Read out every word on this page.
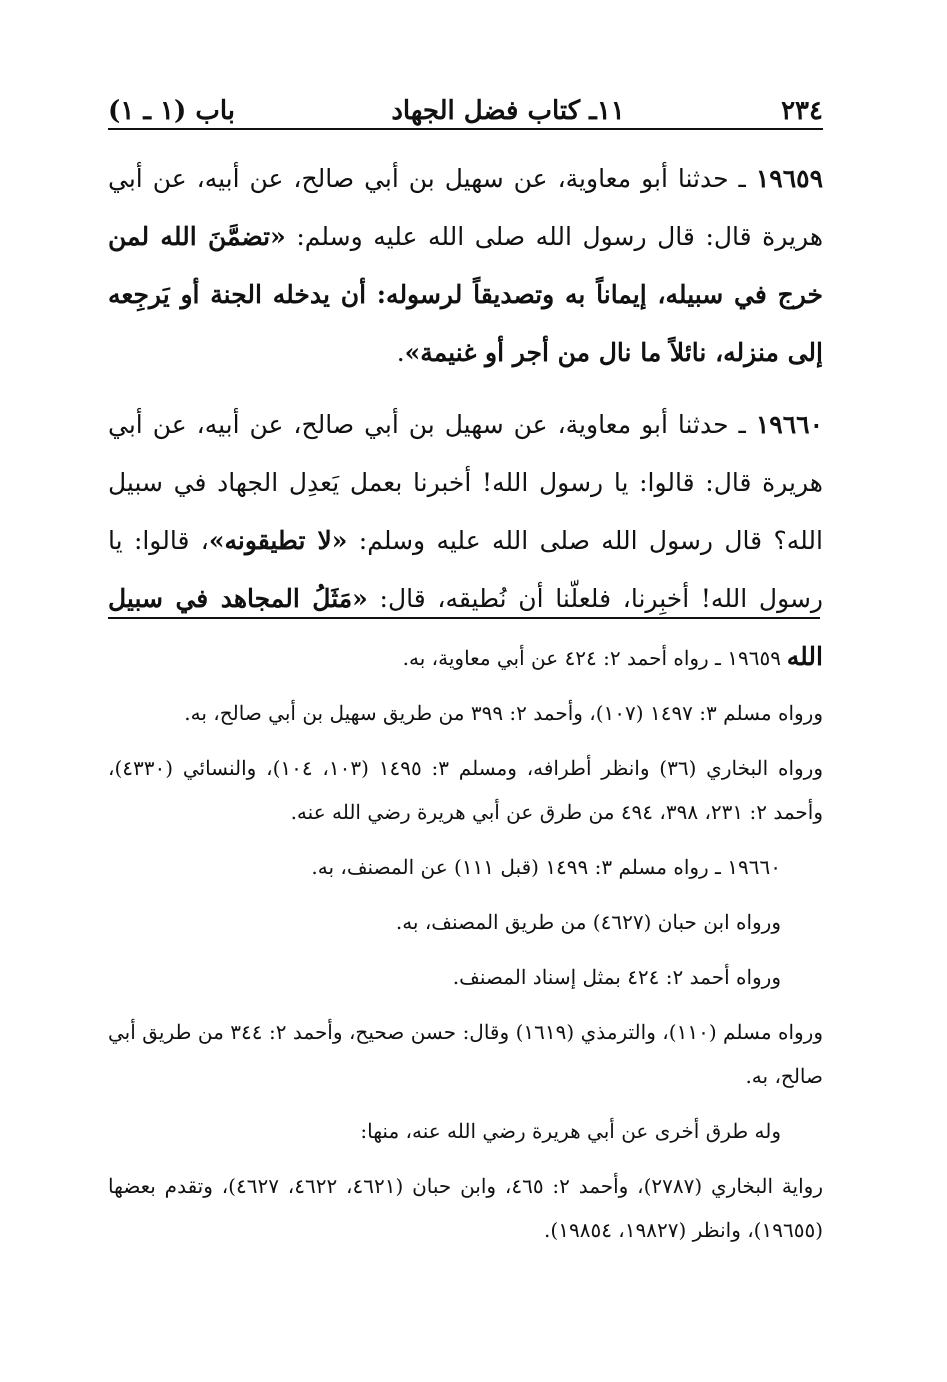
٢٣٤
١١ـ كتاب فضل الجهاد
باب (١ ـ ١)

١٩٦٥٩ ـ حدثنا أبو معاوية، عن سهيل بن أبي صالح، عن أبيه، عن أبي هريرة قال: قال رسول الله صلى الله عليه وسلم: «تضمَّنَ الله لمن خرج في سبيله، إيماناً به وتصديقاً لرسوله: أن يدخله الجنة أو يَرجِعه إلى منزله، نائلاً ما نال من أجر أو غنيمة».

١٩٦٦٠ ـ حدثنا أبو معاوية، عن سهيل بن أبي صالح، عن أبيه، عن أبي هريرة قال: قالوا: يا رسول الله! أخبرنا بعمل يَعدِل الجهاد في سبيل الله؟ قال رسول الله صلى الله عليه وسلم: «لا تطيقونه»، قالوا: يا رسول الله! أخبِرنا، فلعلّنا أن نُطيقه، قال: «مَثَلُ المجاهد في سبيل الله

١٩٦٥٩ ـ رواه أحمد ٢: ٤٢٤ عن أبي معاوية، به.

ورواه مسلم ٣: ١٤٩٧ (١٠٧)، وأحمد ٢: ٣٩٩ من طريق سهيل بن أبي صالح، به.

ورواه البخاري (٣٦) وانظر أطرافه، ومسلم ٣: ١٤٩٥ (١٠٣، ١٠٤)، والنسائي (٤٣٣٠)، وأحمد ٢: ٢٣١، ٣٩٨، ٤٩٤ من طرق عن أبي هريرة رضي الله عنه.

١٩٦٦٠ ـ رواه مسلم ٣: ١٤٩٩ (قبل ١١١) عن المصنف، به.

ورواه ابن حبان (٤٦٢٧) من طريق المصنف، به.

ورواه أحمد ٢: ٤٢٤ بمثل إسناد المصنف.

ورواه مسلم (١١٠)، والترمذي (١٦١٩) وقال: حسن صحيح، وأحمد ٢: ٣٤٤ من طريق أبي صالح، به.

وله طرق أخرى عن أبي هريرة رضي الله عنه، منها:

رواية البخاري (٢٧٨٧)، وأحمد ٢: ٤٦٥، وابن حبان (٤٦٢١، ٤٦٢٢، ٤٦٢٧)، وتقدم بعضها (١٩٦٥٥)، وانظر (١٩٨٢٧، ١٩٨٥٤).
